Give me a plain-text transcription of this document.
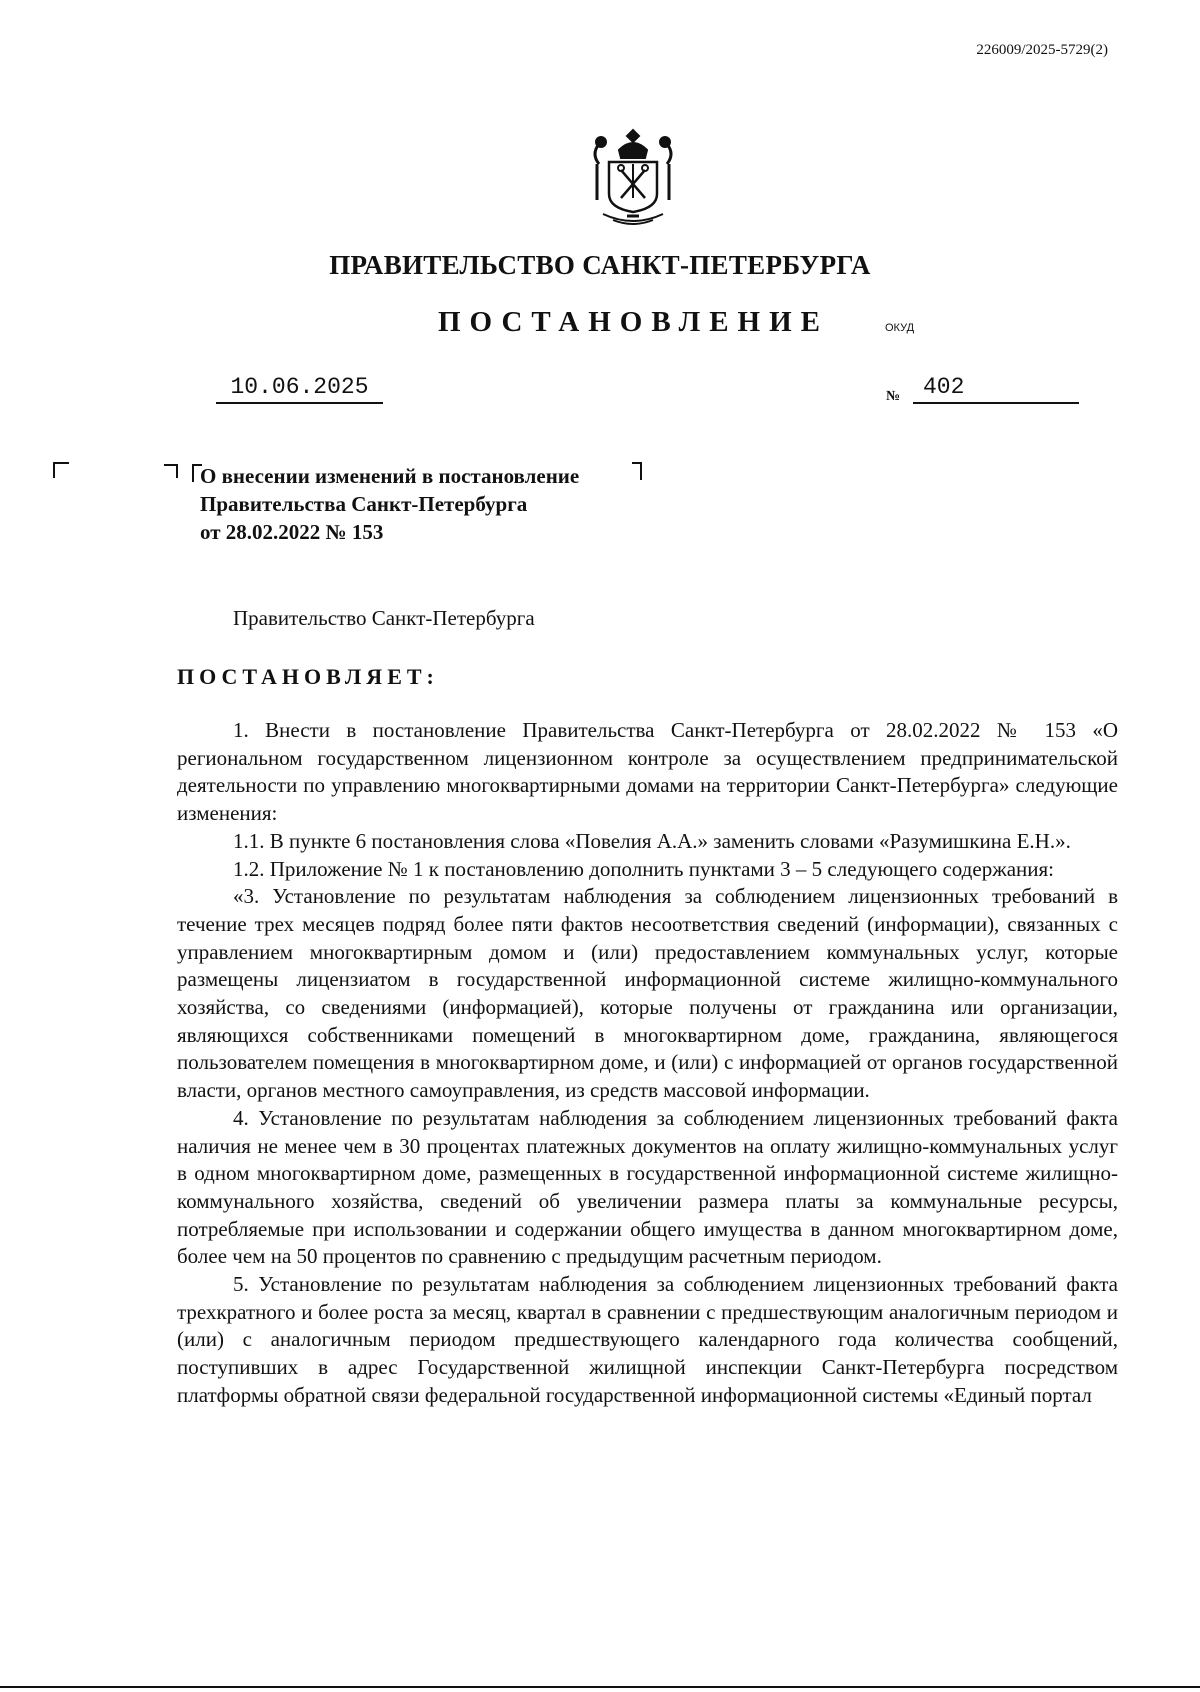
226009/2025-5729(2)
ПРАВИТЕЛЬСТВО САНКТ-ПЕТЕРБУРГА
ПОСТАНОВЛЕНИЕ	ОКУД
10.06.2025	№ 402
О внесении изменений в постановление
Правительства Санкт-Петербурга
от 28.02.2022 № 153
Правительство Санкт-Петербурга
ПОСТАНОВЛЯЕТ:

1. Внести в постановление Правительства Санкт-Петербурга от 28.02.2022 № 153 «О региональном государственном лицензионном контроле за осуществлением предпринимательской деятельности по управлению многоквартирными домами на территории Санкт-Петербурга» следующие изменения:

1.1. В пункте 6 постановления слова «Повелия А.А.» заменить словами «Разумишкина Е.Н.».

1.2. Приложение № 1 к постановлению дополнить пунктами 3 – 5 следующего содержания:

«3. Установление по результатам наблюдения за соблюдением лицензионных требований в течение трех месяцев подряд более пяти фактов несоответствия сведений (информации), связанных с управлением многоквартирным домом и (или) предоставлением коммунальных услуг, которые размещены лицензиатом в государственной информационной системе жилищно-коммунального хозяйства, со сведениями (информацией), которые получены от гражданина или организации, являющихся собственниками помещений в многоквартирном доме, гражданина, являющегося пользователем помещения в многоквартирном доме, и (или) с информацией от органов государственной власти, органов местного самоуправления, из средств массовой информации.

4. Установление по результатам наблюдения за соблюдением лицензионных требований факта наличия не менее чем в 30 процентах платежных документов на оплату жилищно-коммунальных услуг в одном многоквартирном доме, размещенных в государственной информационной системе жилищно-коммунального хозяйства, сведений об увеличении размера платы за коммунальные ресурсы, потребляемые при использовании и содержании общего имущества в данном многоквартирном доме, более чем на 50 процентов по сравнению с предыдущим расчетным периодом.

5. Установление по результатам наблюдения за соблюдением лицензионных требований факта трехкратного и более роста за месяц, квартал в сравнении с предшествующим аналогичным периодом и (или) с аналогичным периодом предшествующего календарного года количества сообщений, поступивших в адрес Государственной жилищной инспекции Санкт-Петербурга посредством платформы обратной связи федеральной государственной информационной системы «Единый портал
